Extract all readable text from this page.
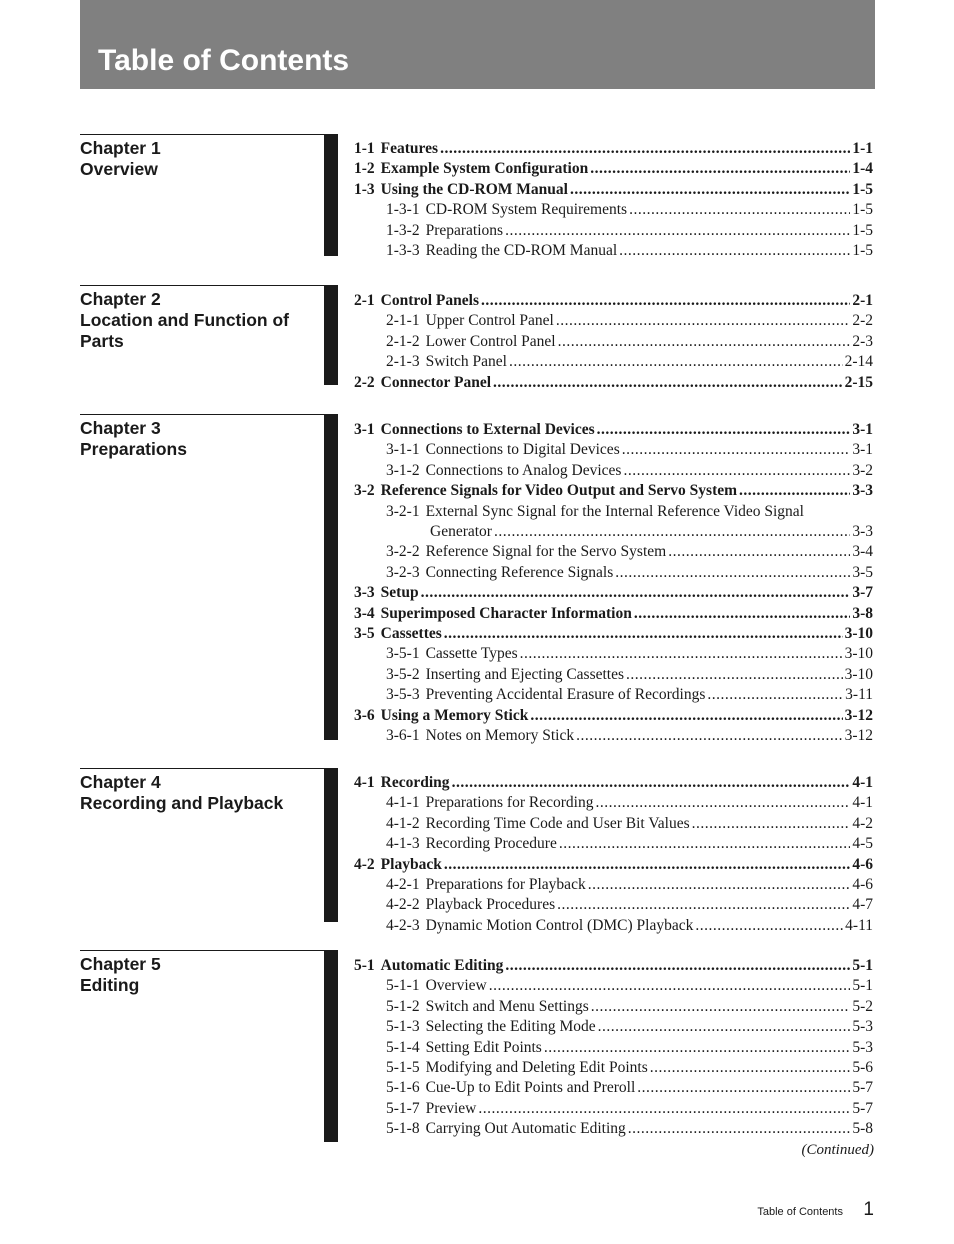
Table of Contents
Chapter 1
Overview
1-1 Features .....	1-1
1-2 Example System Configuration .....	1-4
1-3 Using the CD-ROM Manual .....	1-5
1-3-1 CD-ROM System Requirements .....	1-5
1-3-2 Preparations .....	1-5
1-3-3 Reading the CD-ROM Manual .....	1-5
Chapter 2
Location and Function of
Parts
2-1 Control Panels .....	2-1
2-1-1 Upper Control Panel .....	2-2
2-1-2 Lower Control Panel .....	2-3
2-1-3 Switch Panel .....	2-14
2-2 Connector Panel .....	2-15
Chapter 3
Preparations
3-1 Connections to External Devices .....	3-1
3-1-1 Connections to Digital Devices .....	3-1
3-1-2 Connections to Analog Devices .....	3-2
3-2 Reference Signals for Video Output and Servo System .....	3-3
3-2-1 External Sync Signal for the Internal Reference Video Signal
Generator .....	3-3
3-2-2 Reference Signal for the Servo System .....	3-4
3-2-3 Connecting Reference Signals .....	3-5
3-3 Setup .....	3-7
3-4 Superimposed Character Information .....	3-8
3-5 Cassettes .....	3-10
3-5-1 Cassette Types .....	3-10
3-5-2 Inserting and Ejecting Cassettes .....	3-10
3-5-3 Preventing Accidental Erasure of Recordings .....	3-11
3-6 Using a Memory Stick .....	3-12
3-6-1 Notes on Memory Stick .....	3-12
Chapter 4
Recording and Playback
4-1 Recording .....	4-1
4-1-1 Preparations for Recording .....	4-1
4-1-2 Recording Time Code and User Bit Values .....	4-2
4-1-3 Recording Procedure .....	4-5
4-2 Playback .....	4-6
4-2-1 Preparations for Playback .....	4-6
4-2-2 Playback Procedures .....	4-7
4-2-3 Dynamic Motion Control (DMC) Playback .....	4-11
Chapter 5
Editing
5-1 Automatic Editing .....	5-1
5-1-1 Overview .....	5-1
5-1-2 Switch and Menu Settings .....	5-2
5-1-3 Selecting the Editing Mode .....	5-3
5-1-4 Setting Edit Points .....	5-3
5-1-5 Modifying and Deleting Edit Points .....	5-6
5-1-6 Cue-Up to Edit Points and Preroll .....	5-7
5-1-7 Preview .....	5-7
5-1-8 Carrying Out Automatic Editing .....	5-8
(Continued)
Table of Contents 1
